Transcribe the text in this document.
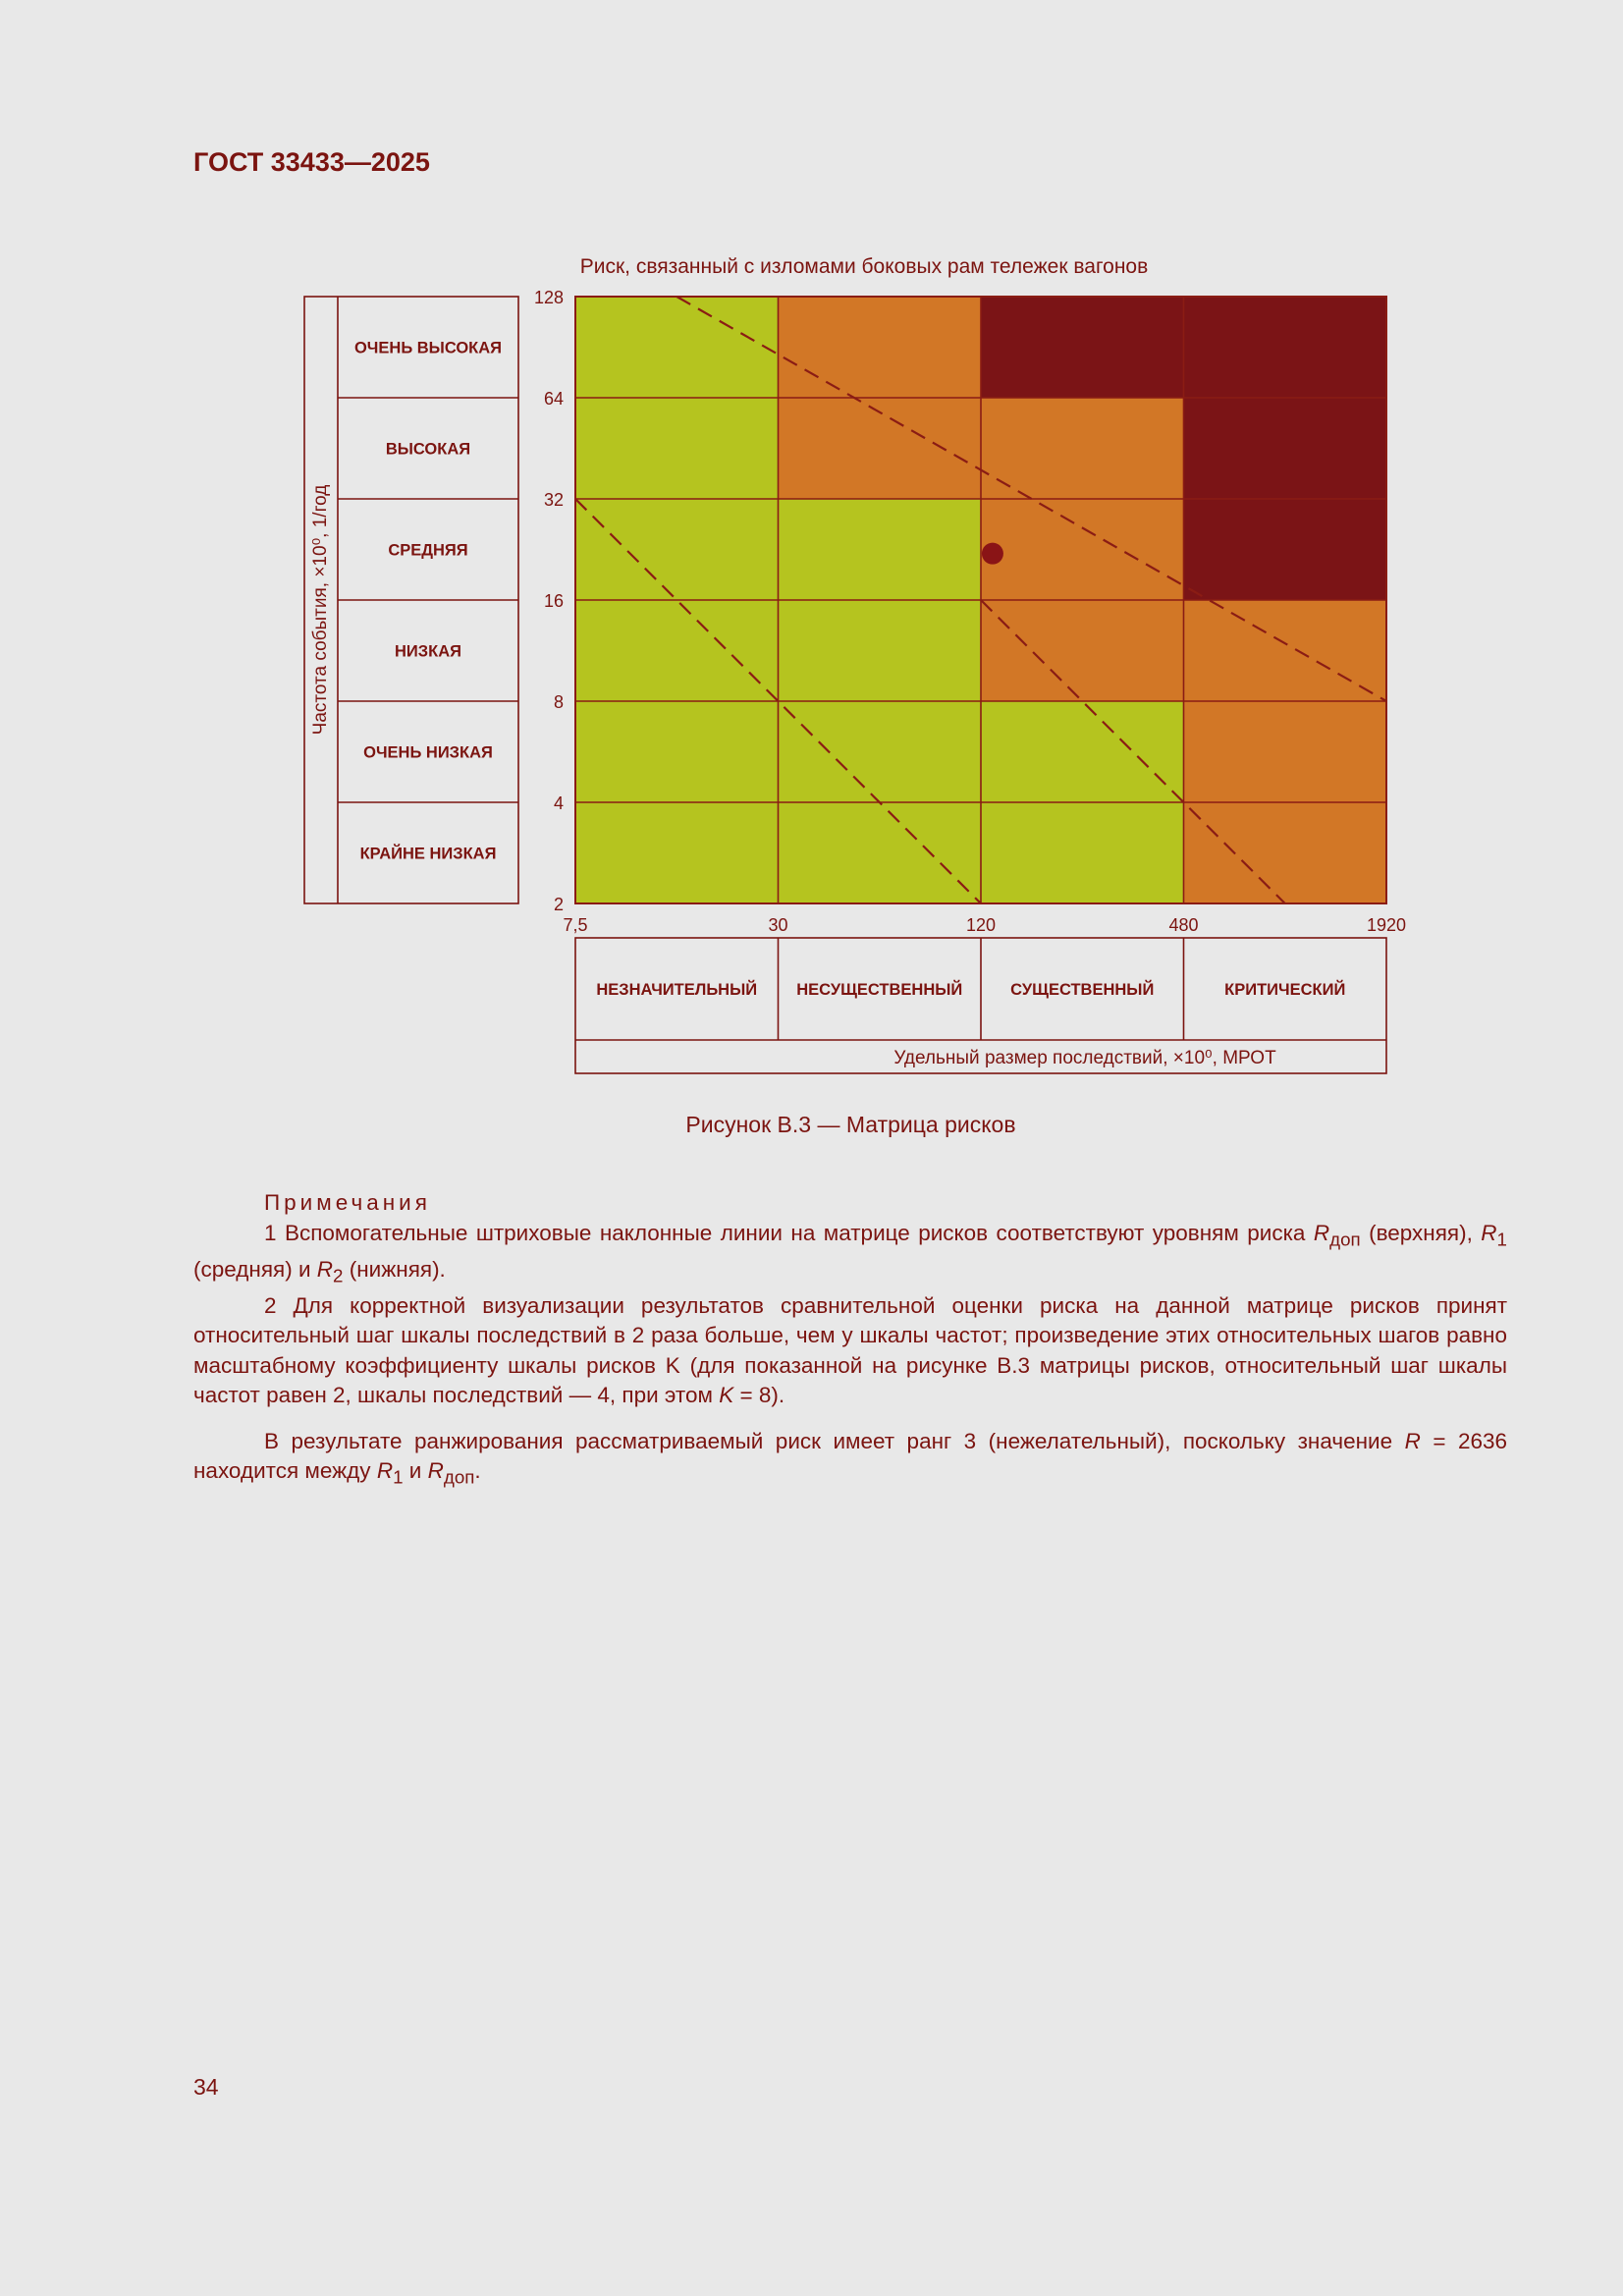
ГОСТ 33433—2025
128
64
32
16
8
4
2
7,5	30	120	480	1920
ОЧЕНЬ ВЫСОКАЯ
ВЫСОКАЯ
СРЕДНЯЯ
НИЗКАЯ
ОЧЕНЬ НИЗКАЯ
КРАЙНЕ НИЗКАЯ
НЕЗНАЧИТЕЛЬНЫЙ НЕСУЩЕСТВЕННЫЙ	СУЩЕСТВЕННЫЙ	КРИТИЧЕСКИЙ
Риск, связанный с изломами боковых рам тележек вагонов
Частота события, ×10⁰, 1/год
Удельный размер последствий, ×10⁰, МРОТ
Рисунок В.3 — Матрица рисков

Примечания

1 Вспомогательные штриховые наклонные линии на матрице рисков соответствуют уровням риска $R_{доп}$ (верхняя), $R_1$ (средняя) и $R_2$ (нижняя).

2 Для корректной визуализации результатов сравнительной оценки риска на данной матрице рисков принят относительный шаг шкалы последствий в 2 раза больше, чем у шкалы частот; произведение этих относительных шагов равно масштабному коэффициенту шкалы рисков K (для показанной на рисунке В.3 матрицы рисков, относительный шаг шкалы частот равен 2, шкалы последствий — 4, при этом K = 8).

В результате ранжирования рассматриваемый риск имеет ранг 3 (нежелательный), поскольку значение R = 2636 находится между $R_1$ и $R_{доп}$.

34
